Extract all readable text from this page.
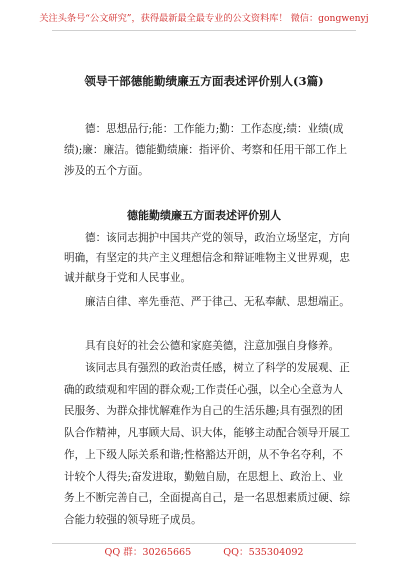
关注头条号“公文研究”，获得最新最全最专业的公文资料库！ 微信：gongwenyj
领导干部德能勤绩廉五方面表述评价别人(3篇)

德：思想品行;能：工作能力;勤：工作态度;绩：业绩(成绩);廉：廉洁。德能勤绩廉：指评价、考察和任用干部工作上涉及的五个方面。

德能勤绩廉五方面表述评价别人

德：该同志拥护中国共产党的领导，政治立场坚定，方向明确，有坚定的共产主义理想信念和辩证唯物主义世界观，忠诚并献身于党和人民事业。

廉洁自律、率先垂范、严于律己、无私奉献、思想端正。

具有良好的社会公德和家庭美德，注意加强自身修养。

该同志具有强烈的政治责任感，树立了科学的发展观、正确的政绩观和牢固的群众观;工作责任心强，以全心全意为人民服务、为群众排忧解难作为自己的生活乐趣;具有强烈的团队合作精神，凡事顾大局、识大体，能够主动配合领导开展工作，上下级人际关系和谐;性格豁达开朗，从不争名夺利，不计较个人得失;奋发进取，勤勉自励，在思想上、政治上、业务上不断完善自己，全面提高自己，是一名思想素质过硬、综合能力较强的领导班子成员。

QQ 群：30265665	QQ：535304092
